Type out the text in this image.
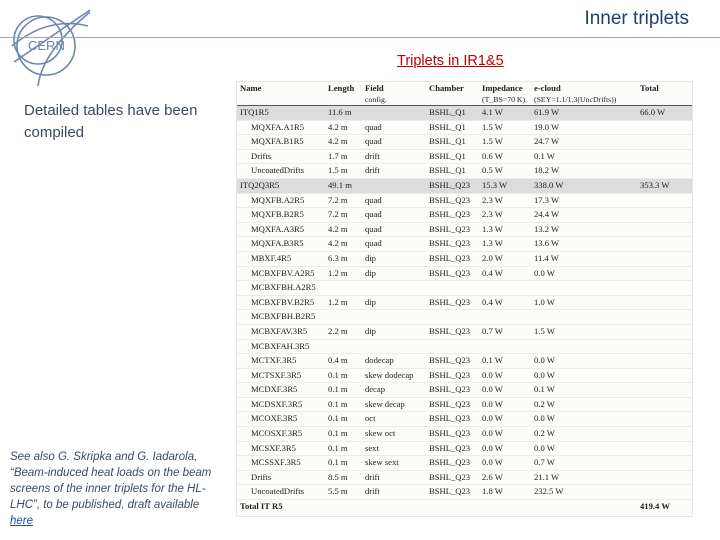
CERN
Inner triplets
Triplets in IR1&5
Detailed tables have been compiled
See also G. Skripka and G. Iadarola, “Beam-induced heat loads on the beam screens of the inner triplets for the HL-LHC”, to be published, draft available here
Name	Length	Field	Chamber	Impedance	e-cloud	Total
		config.		(T_BS=70 K)	(SEY=1.1/1.3(UncDrifts))	
ITQ1R5	11.6 m		BSHL_Q1	4.1 W	61.9 W	66.0 W
MQXFA.A1R5	4.2 m	quad	BSHL_Q1	1.5 W	19.0 W	
MQXFA.B1R5	4.2 m	quad	BSHL_Q1	1.5 W	24.7 W	
Drifts	1.7 m	drift	BSHL_Q1	0.6 W	0.1 W	
UncoatedDrifts	1.5 m	drift	BSHL_Q1	0.5 W	18.2 W	
ITQ2Q3R5	49.1 m		BSHL_Q23	15.3 W	338.0 W	353.3 W
MQXFB.A2R5	7.2 m	quad	BSHL_Q23	2.3 W	17.3 W	
MQXFB.B2R5	7.2 m	quad	BSHL_Q23	2.3 W	24.4 W	
MQXFA.A3R5	4.2 m	quad	BSHL_Q23	1.3 W	13.2 W	
MQXFA.B3R5	4.2 m	quad	BSHL_Q23	1.3 W	13.6 W	
MBXF.4R5	6.3 m	dip	BSHL_Q23	2.0 W	11.4 W	
MCBXFBV.A2R5	1.2 m	dip	BSHL_Q23	0.4 W	0.0 W	
MCBXFBH.A2R5						
MCBXFBV.B2R5	1.2 m	dip	BSHL_Q23	0.4 W	1.0 W	
MCBXFBH.B2R5						
MCBXFAV.3R5	2.2 m	dip	BSHL_Q23	0.7 W	1.5 W	
MCBXFAH.3R5						
MCTXF.3R5	0.4 m	dodecap	BSHL_Q23	0.1 W	0.0 W	
MCTSXF.3R5	0.1 m	skew dodecap	BSHL_Q23	0.0 W	0.0 W	
MCDXF.3R5	0.1 m	decap	BSHL_Q23	0.0 W	0.1 W	
MCDSXF.3R5	0.1 m	skew decap	BSHL_Q23	0.0 W	0.2 W	
MCOXF.3R5	0.1 m	oct	BSHL_Q23	0.0 W	0.0 W	
MCOSXF.3R5	0.1 m	skew oct	BSHL_Q23	0.0 W	0.2 W	
MCSXF.3R5	0.1 m	sext	BSHL_Q23	0.0 W	0.0 W	
MCSSXF.3R5	0.1 m	skew sext	BSHL_Q23	0.0 W	0.7 W	
Drifts	8.5 m	drift	BSHL_Q23	2.6 W	21.1 W	
UncoatedDrifts	5.5 m	drift	BSHL_Q23	1.8 W	232.5 W	
Total IT R5						419.4 W
